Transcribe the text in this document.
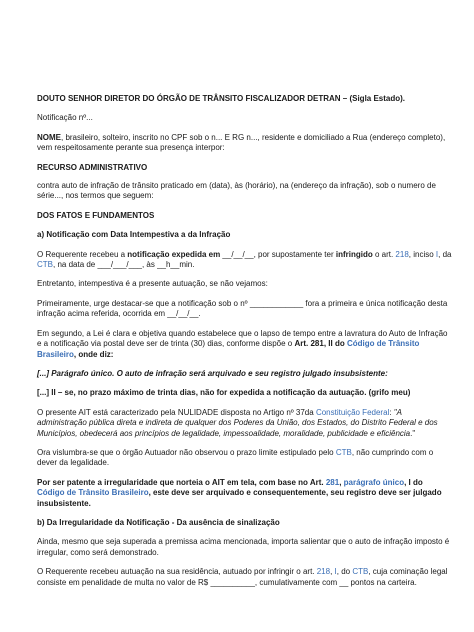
DOUTO SENHOR DIRETOR DO ÓRGÃO DE TRÂNSITO FISCALIZADOR DETRAN – (Sigla Estado).

Notificação nº...

NOME, brasileiro, solteiro, inscrito no CPF sob o n... E RG n..., residente e domiciliado a Rua (endereço completo), vem respeitosamente perante sua presença interpor:

RECURSO ADMINISTRATIVO

contra auto de infração de trânsito praticado em (data), às (horário), na (endereço da infração), sob o numero de série..., nos termos que seguem:

DOS FATOS E FUNDAMENTOS

a) Notificação com Data Intempestiva a da Infração

O Requerente recebeu a notificação expedida em __/__/__, por supostamente ter infringido o art. 218, inciso I, da CTB, na data de ___/___/___, às __h__min.

Entretanto, intempestiva é a presente autuação, se não vejamos:

Primeiramente, urge destacar-se que a notificação sob o nº ____________ fora a primeira e única notificação desta infração acima referida, ocorrida em __/__/__.

Em segundo, a Lei é clara e objetiva quando estabelece que o lapso de tempo entre a lavratura do Auto de Infração e a notificação via postal deve ser de trinta (30) dias, conforme dispõe o Art. 281, II do Código de Trânsito Brasileiro, onde diz:

[...] Parágrafo único. O auto de infração será arquivado e seu registro julgado insubsistente:

[...] II – se, no prazo máximo de trinta dias, não for expedida a notificação da autuação. (grifo meu)

O presente AIT está caracterizado pela NULIDADE disposta no Artigo nº 37da Constituição Federal: "A administração pública direta e indireta de qualquer dos Poderes da União, dos Estados, do Distrito Federal e dos Municípios, obedecerá aos princípios de legalidade, impessoalidade, moralidade, publicidade e eficiência."

Ora vislumbra-se que o órgão Autuador não observou o prazo limite estipulado pelo CTB, não cumprindo com o dever da legalidade.

Por ser patente a irregularidade que norteia o AIT em tela, com base no Art. 281, parágrafo único, I do Código de Trânsito Brasileiro, este deve ser arquivado e consequentemente, seu registro deve ser julgado insubsistente.

b) Da Irregularidade da Notificação - Da ausência de sinalização

Ainda, mesmo que seja superada a premissa acima mencionada, importa salientar que o auto de infração imposto é irregular, como será demonstrado.

O Requerente recebeu autuação na sua residência, autuado por infringir o art. 218, I, do CTB, cuja cominação legal consiste em penalidade de multa no valor de R$ __________, cumulativamente com __ pontos na carteira.
